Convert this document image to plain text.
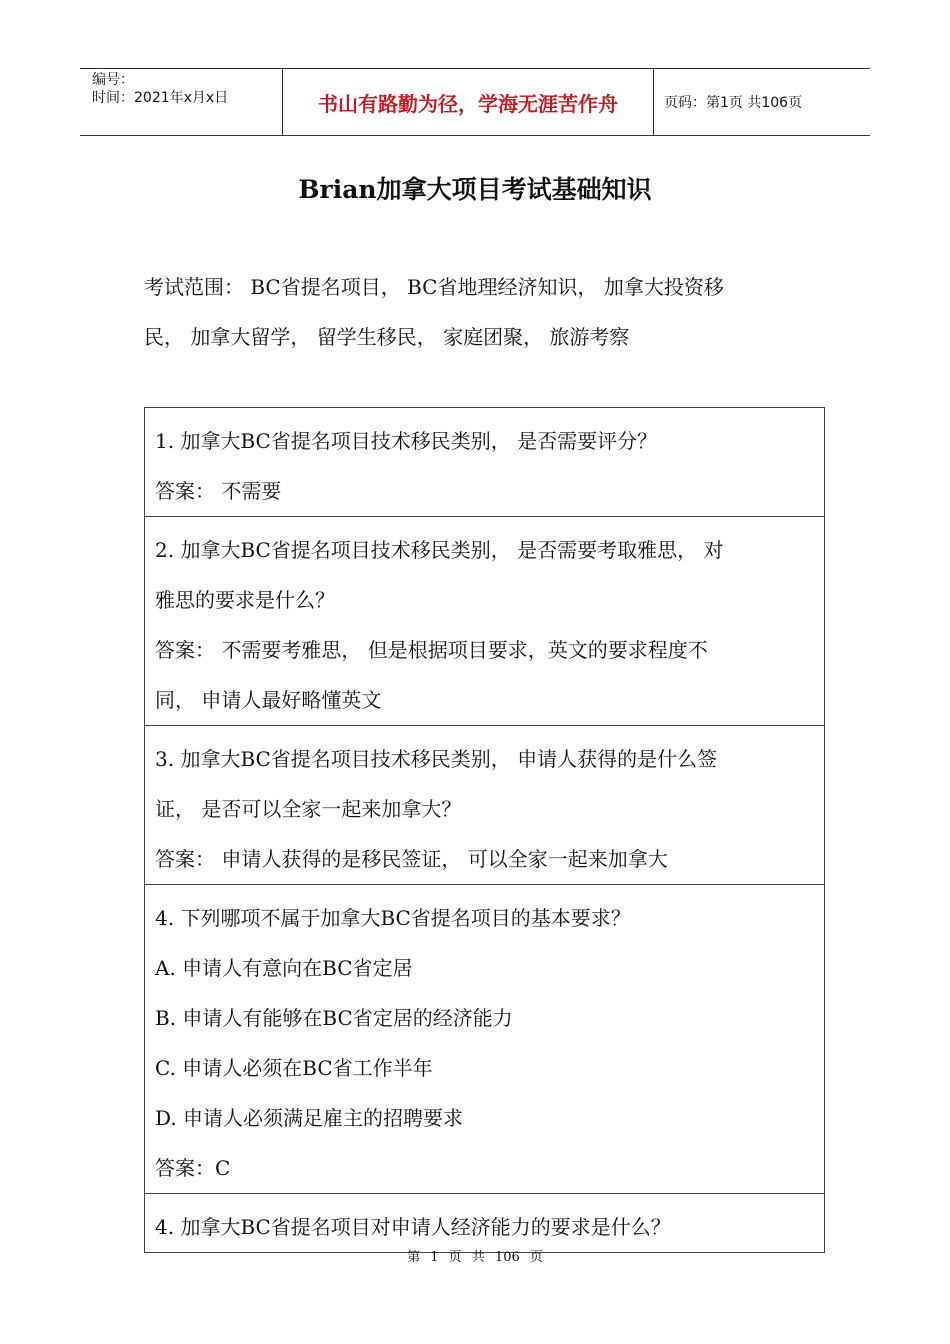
编号：
时间：2021年x月x日	书山有路勤为径，学海无涯苦作舟	页码：第1页 共106页
Brian加拿大项目考试基础知识
考试范围： BC省提名项目， BC省地理经济知识， 加拿大投资移
民， 加拿大留学， 留学生移民， 家庭团聚， 旅游考察
1. 加拿大BC省提名项目技术移民类别， 是否需要评分？
答案： 不需要

2. 加拿大BC省提名项目技术移民类别， 是否需要考取雅思， 对
雅思的要求是什么？
答案： 不需要考雅思， 但是根据项目要求，英文的要求程度不
同， 申请人最好略懂英文

3. 加拿大BC省提名项目技术移民类别， 申请人获得的是什么签
证， 是否可以全家一起来加拿大？
答案： 申请人获得的是移民签证， 可以全家一起来加拿大

4. 下列哪项不属于加拿大BC省提名项目的基本要求？
A. 申请人有意向在BC省定居
B. 申请人有能够在BC省定居的经济能力
C. 申请人必须在BC省工作半年
D. 申请人必须满足雇主的招聘要求
答案：C

4. 加拿大BC省提名项目对申请人经济能力的要求是什么？
第 1 页 共 106 页
